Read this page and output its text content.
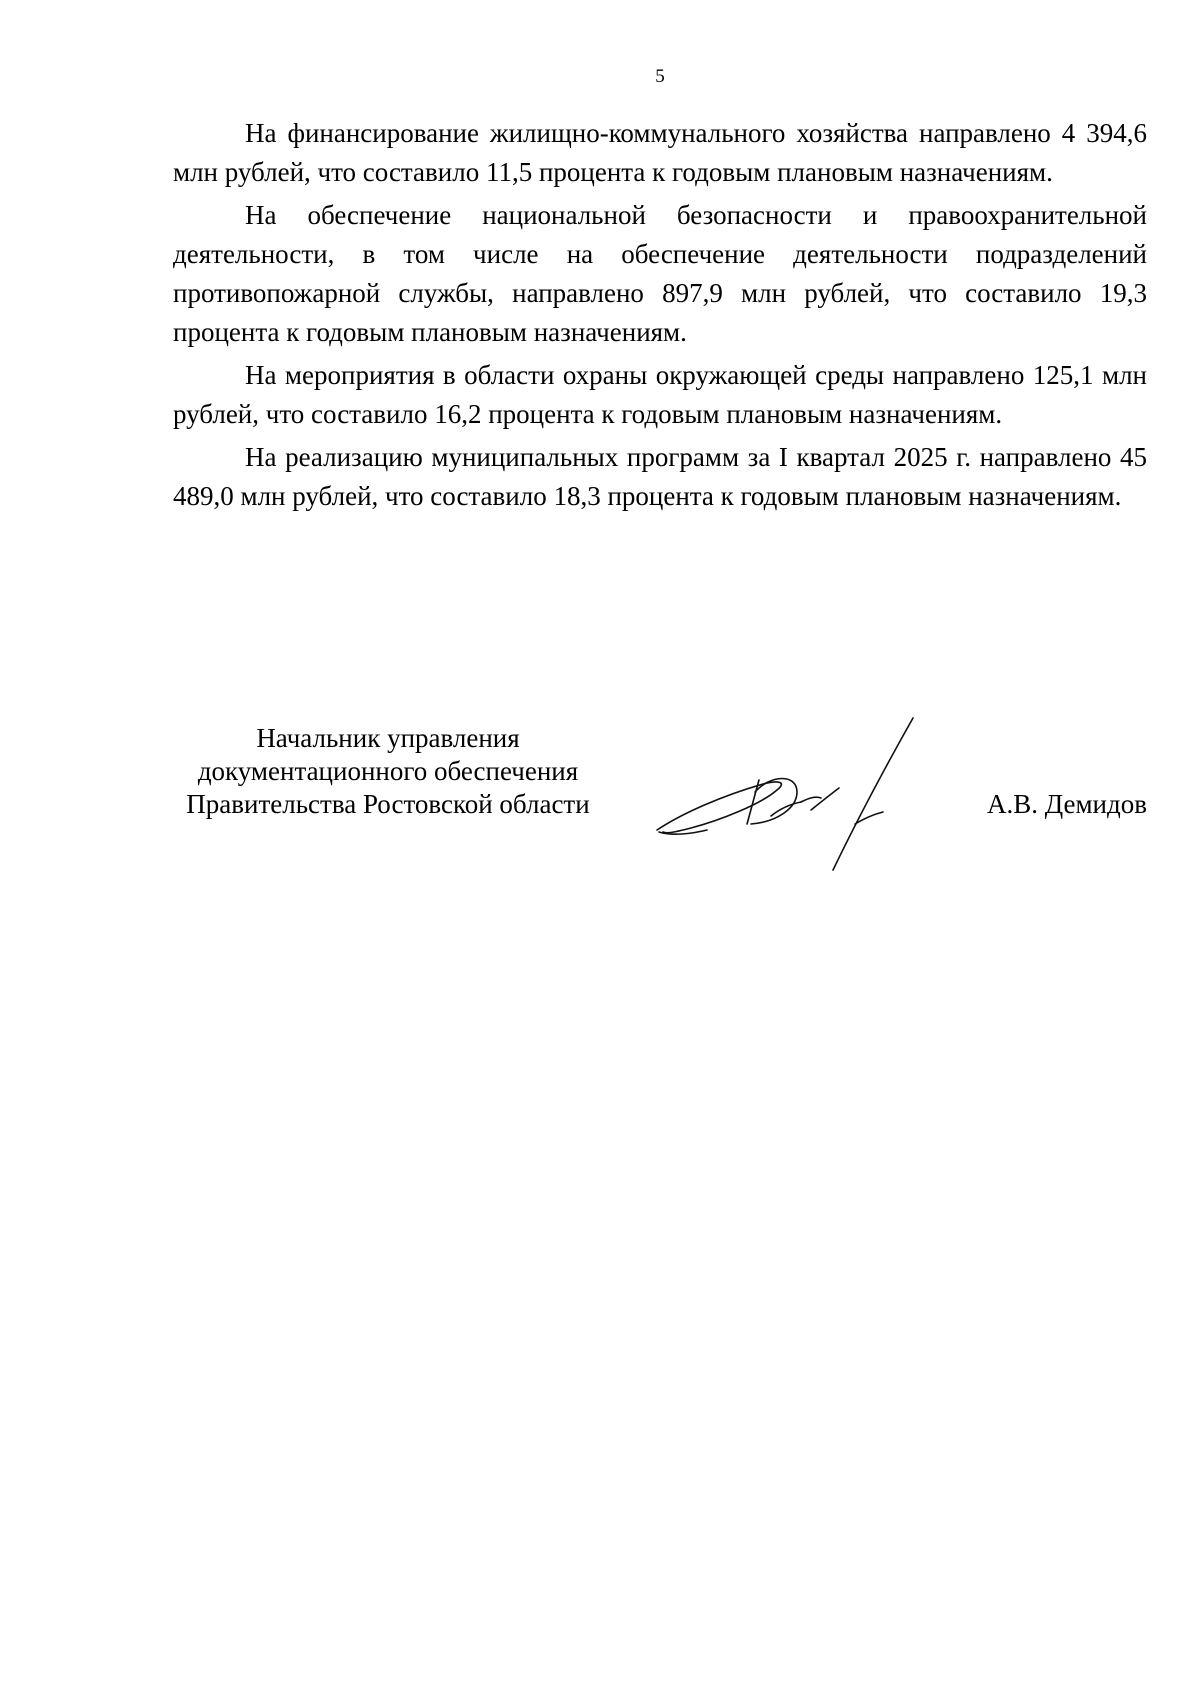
5

На финансирование жилищно-коммунального хозяйства направлено 4 394,6 млн рублей, что составило 11,5 процента к годовым плановым назначениям.

На обеспечение национальной безопасности и правоохранительной деятельности, в том числе на обеспечение деятельности подразделений противопожарной службы, направлено 897,9 млн рублей, что составило 19,3 процента к годовым плановым назначениям.

На мероприятия в области охраны окружающей среды направлено 125,1 млн рублей, что составило 16,2 процента к годовым плановым назначениям.

На реализацию муниципальных программ за I квартал 2025 г. направлено 45 489,0 млн рублей, что составило 18,3 процента к годовым плановым назначениям.

Начальник управления
документационного обеспечения
Правительства Ростовской области	А.В. Демидов
